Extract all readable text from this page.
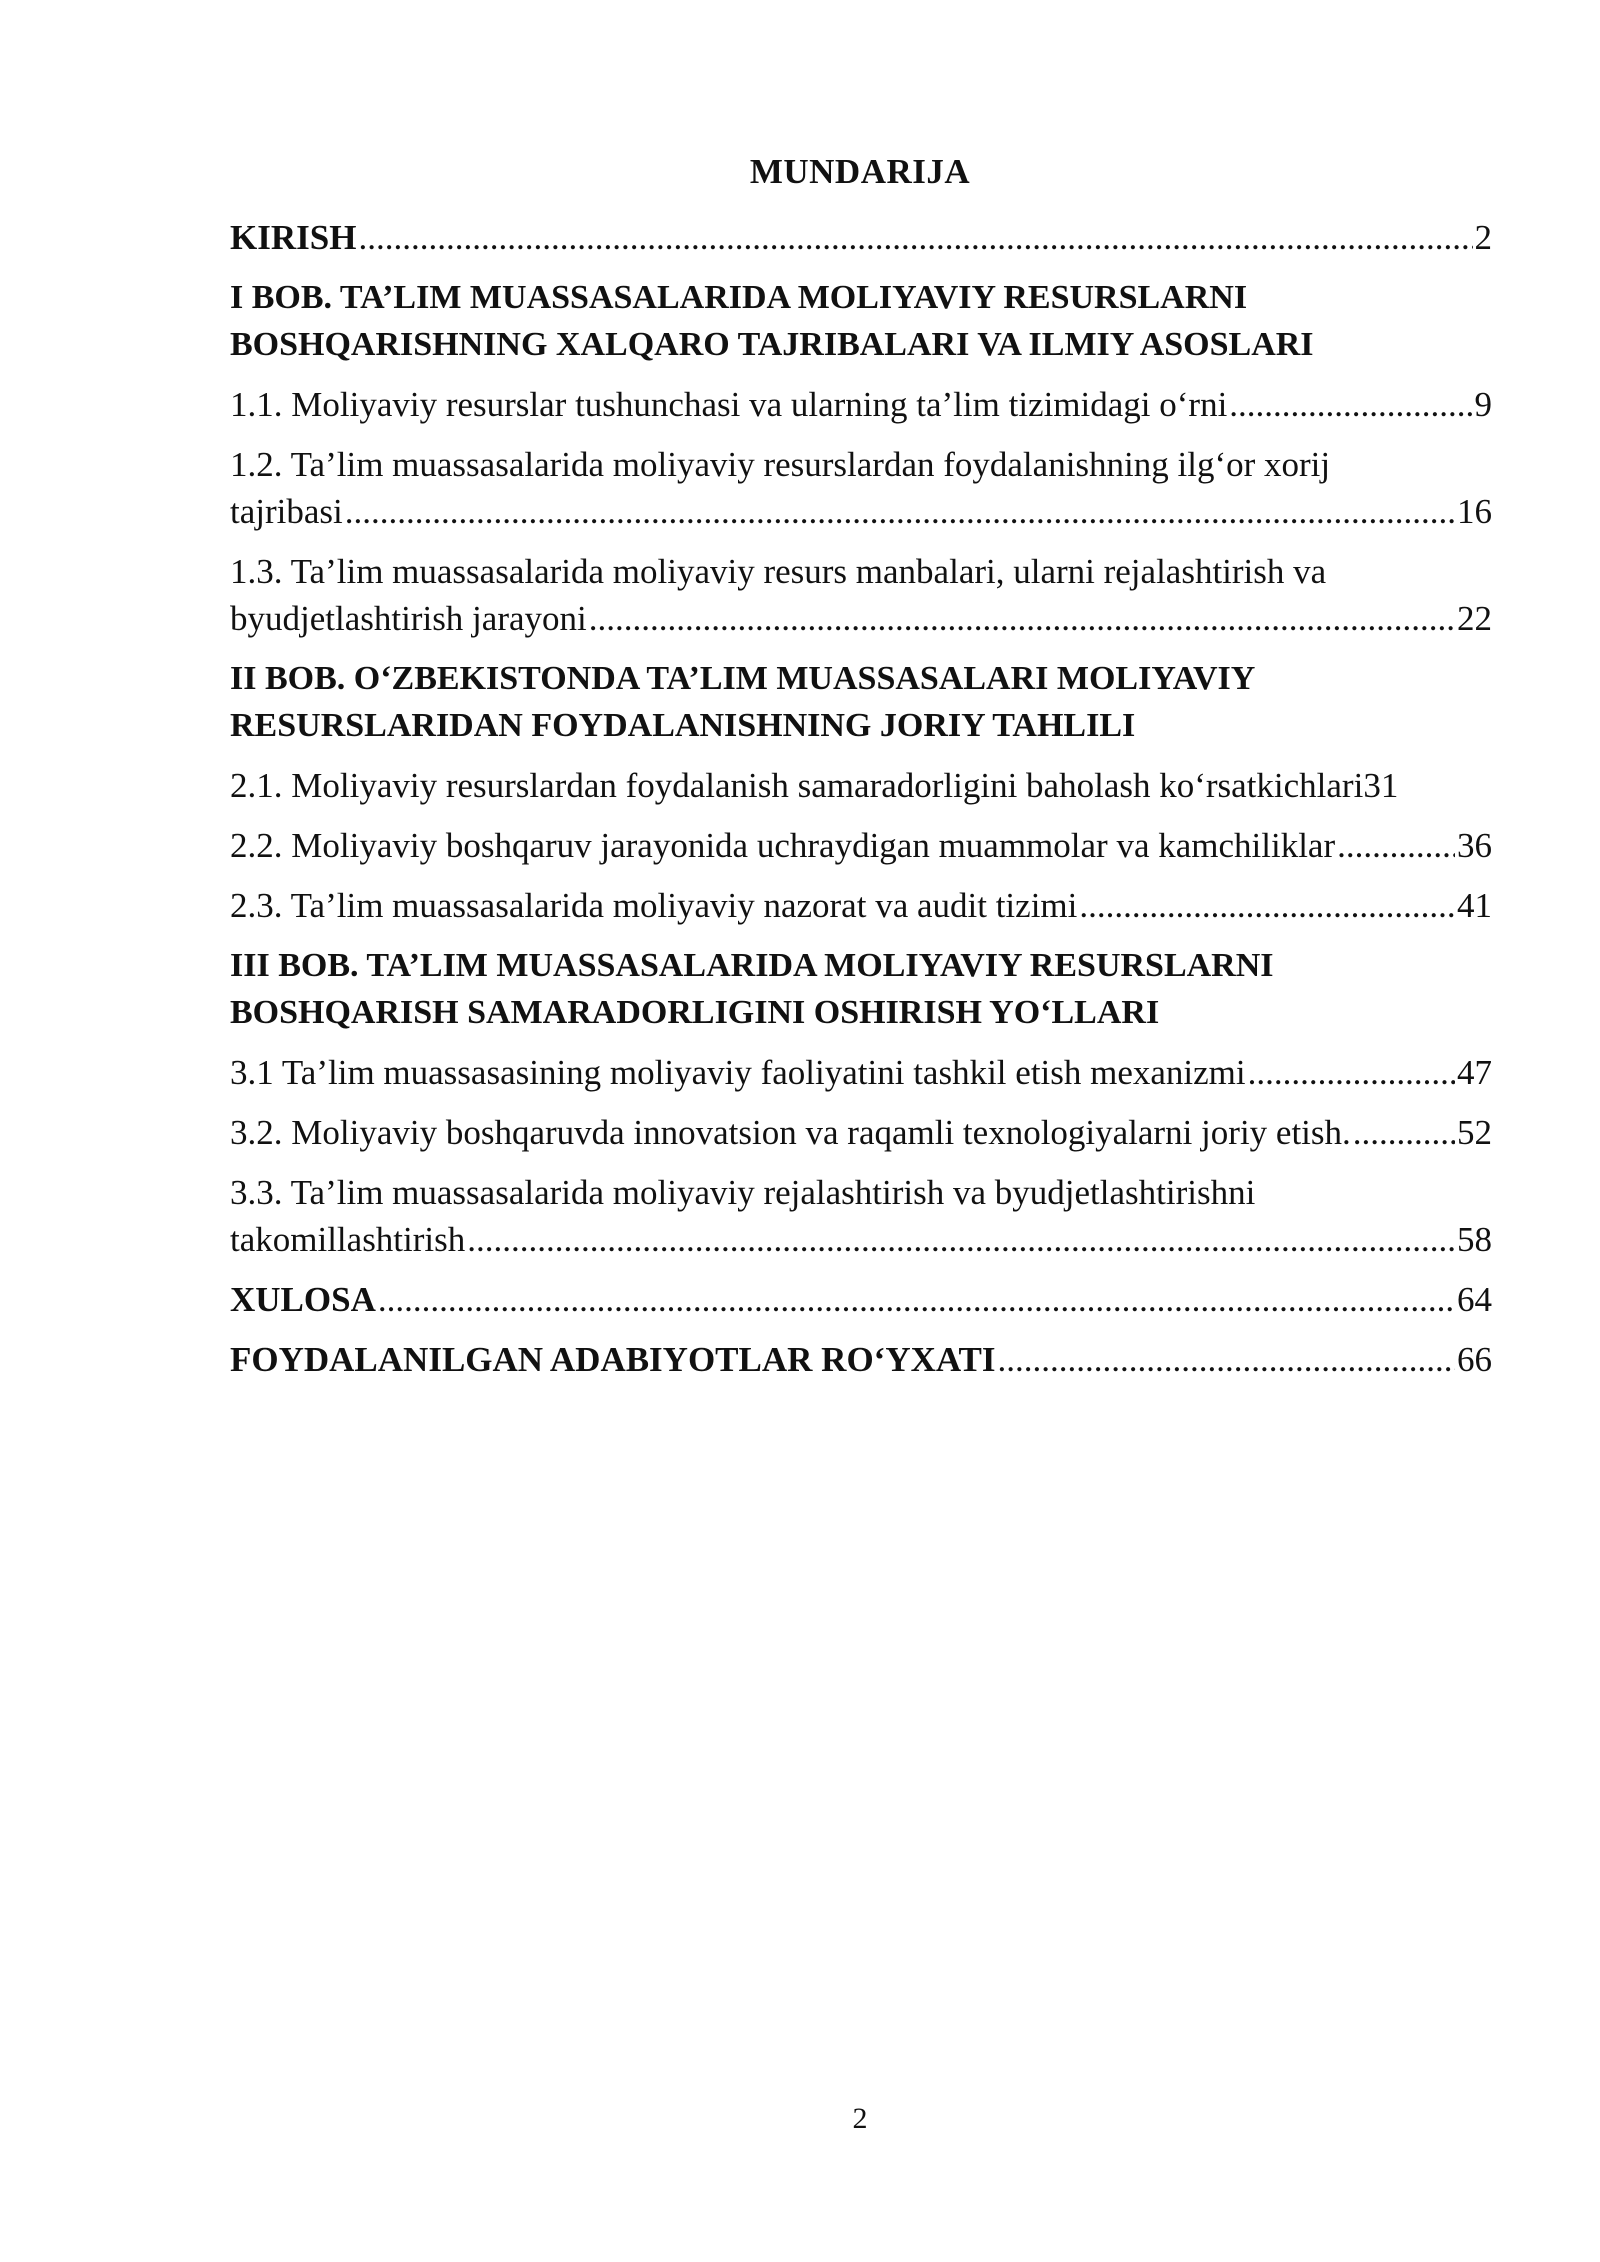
MUNDARIJA
KIRISH .....	2
I BOB. TA’LIM MUASSASALARIDA MOLIYAVIY RESURSLARNI
BOSHQARISHNING XALQARO TAJRIBALARI VA ILMIY ASOSLARI
1.1. Moliyaviy resurslar tushunchasi va ularning ta’lim tizimidagi o‘rni .....	9
1.2. Ta’lim muassasalarida moliyaviy resurslardan foydalanishning ilg‘or xorij
tajribasi .....	16
1.3. Ta’lim muassasalarida moliyaviy resurs manbalari, ularni rejalashtirish va
byudjetlashtirish jarayoni .....	22
II BOB. O‘ZBEKISTONDA TA’LIM MUASSASALARI MOLIYAVIY
RESURSLARIDAN FOYDALANISHNING JORIY TAHLILI
2.1. Moliyaviy resurslardan foydalanish samaradorligini baholash ko‘rsatkichlari 31
2.2. Moliyaviy boshqaruv jarayonida uchraydigan muammolar va kamchiliklar .....	36
2.3. Ta’lim muassasalarida moliyaviy nazorat va audit tizimi .....	41
III BOB. TA’LIM MUASSASALARIDA MOLIYAVIY RESURSLARNI
BOSHQARISH SAMARADORLIGINI OSHIRISH YO‘LLARI
3.1 Ta’lim muassasasining moliyaviy faoliyatini tashkil etish mexanizmi .....	47
3.2. Moliyaviy boshqaruvda innovatsion va raqamli texnologiyalarni joriy etish. .....	52
3.3. Ta’lim muassasalarida moliyaviy rejalashtirish va byudjetlashtirishni
takomillashtirish .....	58
XULOSA .....	64
FOYDALANILGAN ADABIYOTLAR RO‘YXATI .....	66
2
